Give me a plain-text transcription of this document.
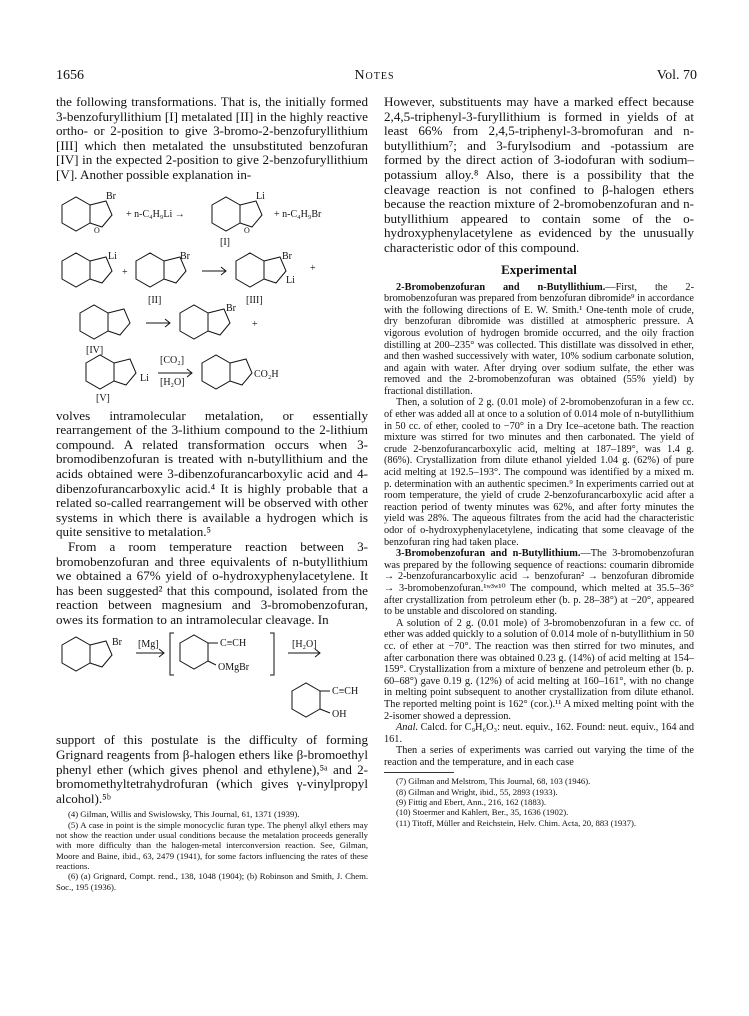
1656	Notes	Vol. 70

the following transformations. That is, the initially formed 3-benzofuryllithium [I] metalated [II] in the highly reactive ortho- or 2-position to give 3-bromo-2-benzofuryllithium [III] which then metalated the unsubstituted benzofuran [IV] in the expected 2-position to give 2-benzofuryllithium [V]. Another possible explanation in-

Br
O
+ n-C₄H₉Li →
Li
O
+ n-C₄H₉Br
[I]
Li
+
Br
[II]
Br
Li
+
[III]
Br
+
[IV]
Li
[CO₂]
[H₂O]
CO₂H
[V]

volves intramolecular metalation, or essentially rearrangement of the 3-lithium compound to the 2-lithium compound. A related transformation occurs when 3-bromodibenzofuran is treated with n-butyllithium and the acids obtained were 3-dibenzofurancarboxylic acid and 4-dibenzofurancarboxylic acid.⁴ It is highly probable that a related so-called rearrangement will be observed with other systems in which there is available a hydrogen which is quite sensitive to metalation.⁵

From a room temperature reaction between 3-bromobenzofuran and three equivalents of n-butyllithium we obtained a 67% yield of o-hydroxyphenylacetylene. It has been suggested² that this compound, isolated from the reaction between magnesium and 3-bromobenzofuran, owes its formation to an intramolecular cleavage. In

Br [Mg]	C≡CH
OMgBr
[H₂O]
C≡CH
OH

support of this postulate is the difficulty of forming Grignard reagents from β-halogen ethers like β-bromoethyl phenyl ether (which gives phenol and ethylene),⁵ᵃ and 2-bromomethyltetrahydrofuran (which gives γ-vinylpropyl alcohol).⁵ᵇ

(4) Gilman, Willis and Swislowsky, This Journal, 61, 1371 (1939).

(5) A case in point is the simple monocyclic furan type. The phenyl alkyl ethers may not show the reaction under usual conditions because the metalation proceeds generally with more difficulty than the halogen-metal interconversion reaction. See, Gilman, Moore and Baine, ibid., 63, 2479 (1941), for some factors influencing the rates of these reactions.

(6) (a) Grignard, Compt. rend., 138, 1048 (1904); (b) Robinson and Smith, J. Chem. Soc., 195 (1936).

However, substituents may have a marked effect because 2,4,5-triphenyl-3-furyllithium is formed in yields of at least 66% from 2,4,5-triphenyl-3-bromofuran and n-butyllithium⁷; and 3-furylsodium and -potassium are formed by the direct action of 3-iodofuran with sodium–potassium alloy.⁸ Also, there is a possibility that the cleavage reaction is not confined to β-halogen ethers because the reaction mixture of 2-bromobenzofuran and n-butyllithium appeared to contain some of the o-hydroxyphenylacetylene as evidenced by the unusually characteristic odor of this compound.

Experimental

2-Bromobenzofuran and n-Butyllithium.—First, the 2-bromobenzofuran was prepared from benzofuran dibromide⁹ in accordance with the following directions of E. W. Smith.¹ One-tenth mole of crude, dry benzofuran dibromide was distilled at atmospheric pressure. A vigorous evolution of hydrogen bromide occurred, and the oily fraction distilling at 200–235° was collected. This distillate was dissolved in ether, and then washed successively with water, 10% sodium carbonate solution, and again with water. After drying over sodium sulfate, the ether was removed and the 2-bromobenzofuran was obtained (55% yield) by fractional distillation.

Then, a solution of 2 g. (0.01 mole) of 2-bromobenzofuran in a few cc. of ether was added all at once to a solution of 0.014 mole of n-butyllithium in 50 cc. of ether, cooled to −70° in a Dry Ice–acetone bath. The reaction mixture was stirred for two minutes and then carbonated. The yield of crude 2-benzofurancarboxylic acid, melting at 187–189°, was 1.4 g. (86%). Crystallization from dilute ethanol yielded 1.04 g. (62%) of pure acid melting at 192.5–193°. The compound was identified by a mixed m. p. determination with an authentic specimen.⁹ In experiments carried out at room temperature, the yield of crude 2-benzofurancarboxylic acid after a reaction period of twenty minutes was 62%, and after forty minutes the yield was 28%. The aqueous filtrates from the acid had the characteristic odor of o-hydroxyphenylacetylene, indicating that some cleavage of the benzofuran ring had taken place.

3-Bromobenzofuran and n-Butyllithium.—The 3-bromobenzofuran was prepared by the following sequence of reactions: coumarin dibromide → 2-benzofurancarboxylic acid → benzofuran² → benzofuran dibromide → 3-bromobenzofuran.¹ʷ³ʷ¹⁰ The compound, which melted at 35.5–36° after crystallization from petroleum ether (b. p. 28–38°) at −20°, appeared to be unstable and discolored on standing.

A solution of 2 g. (0.01 mole) of 3-bromobenzofuran in a few cc. of ether was added quickly to a solution of 0.014 mole of n-butyllithium in 50 cc. of ether at −70°. The reaction was then stirred for two minutes, and after carbonation there was obtained 0.23 g. (14%) of acid melting at 154–159°. Crystallization from a mixture of benzene and petroleum ether (b. p. 60–68°) gave 0.19 g. (12%) of acid melting at 160–161°, with no change in melting point subsequent to another crystallization from dilute ethanol. The reported melting point is 162° (cor.).¹¹ A mixed melting point with the 2-isomer showed a depression.

Anal. Calcd. for C₉H₆O₃: neut. equiv., 162. Found: neut. equiv., 164 and 161.

Then a series of experiments was carried out varying the time of the reaction and the temperature, and in each case

(7) Gilman and Melstrom, This Journal, 68, 103 (1946).

(8) Gilman and Wright, ibid., 55, 2893 (1933).

(9) Fittig and Ebert, Ann., 216, 162 (1883).

(10) Stoermer and Kahlert, Ber., 35, 1636 (1902).

(11) Titoff, Müller and Reichstein, Helv. Chim. Acta, 20, 883 (1937).
